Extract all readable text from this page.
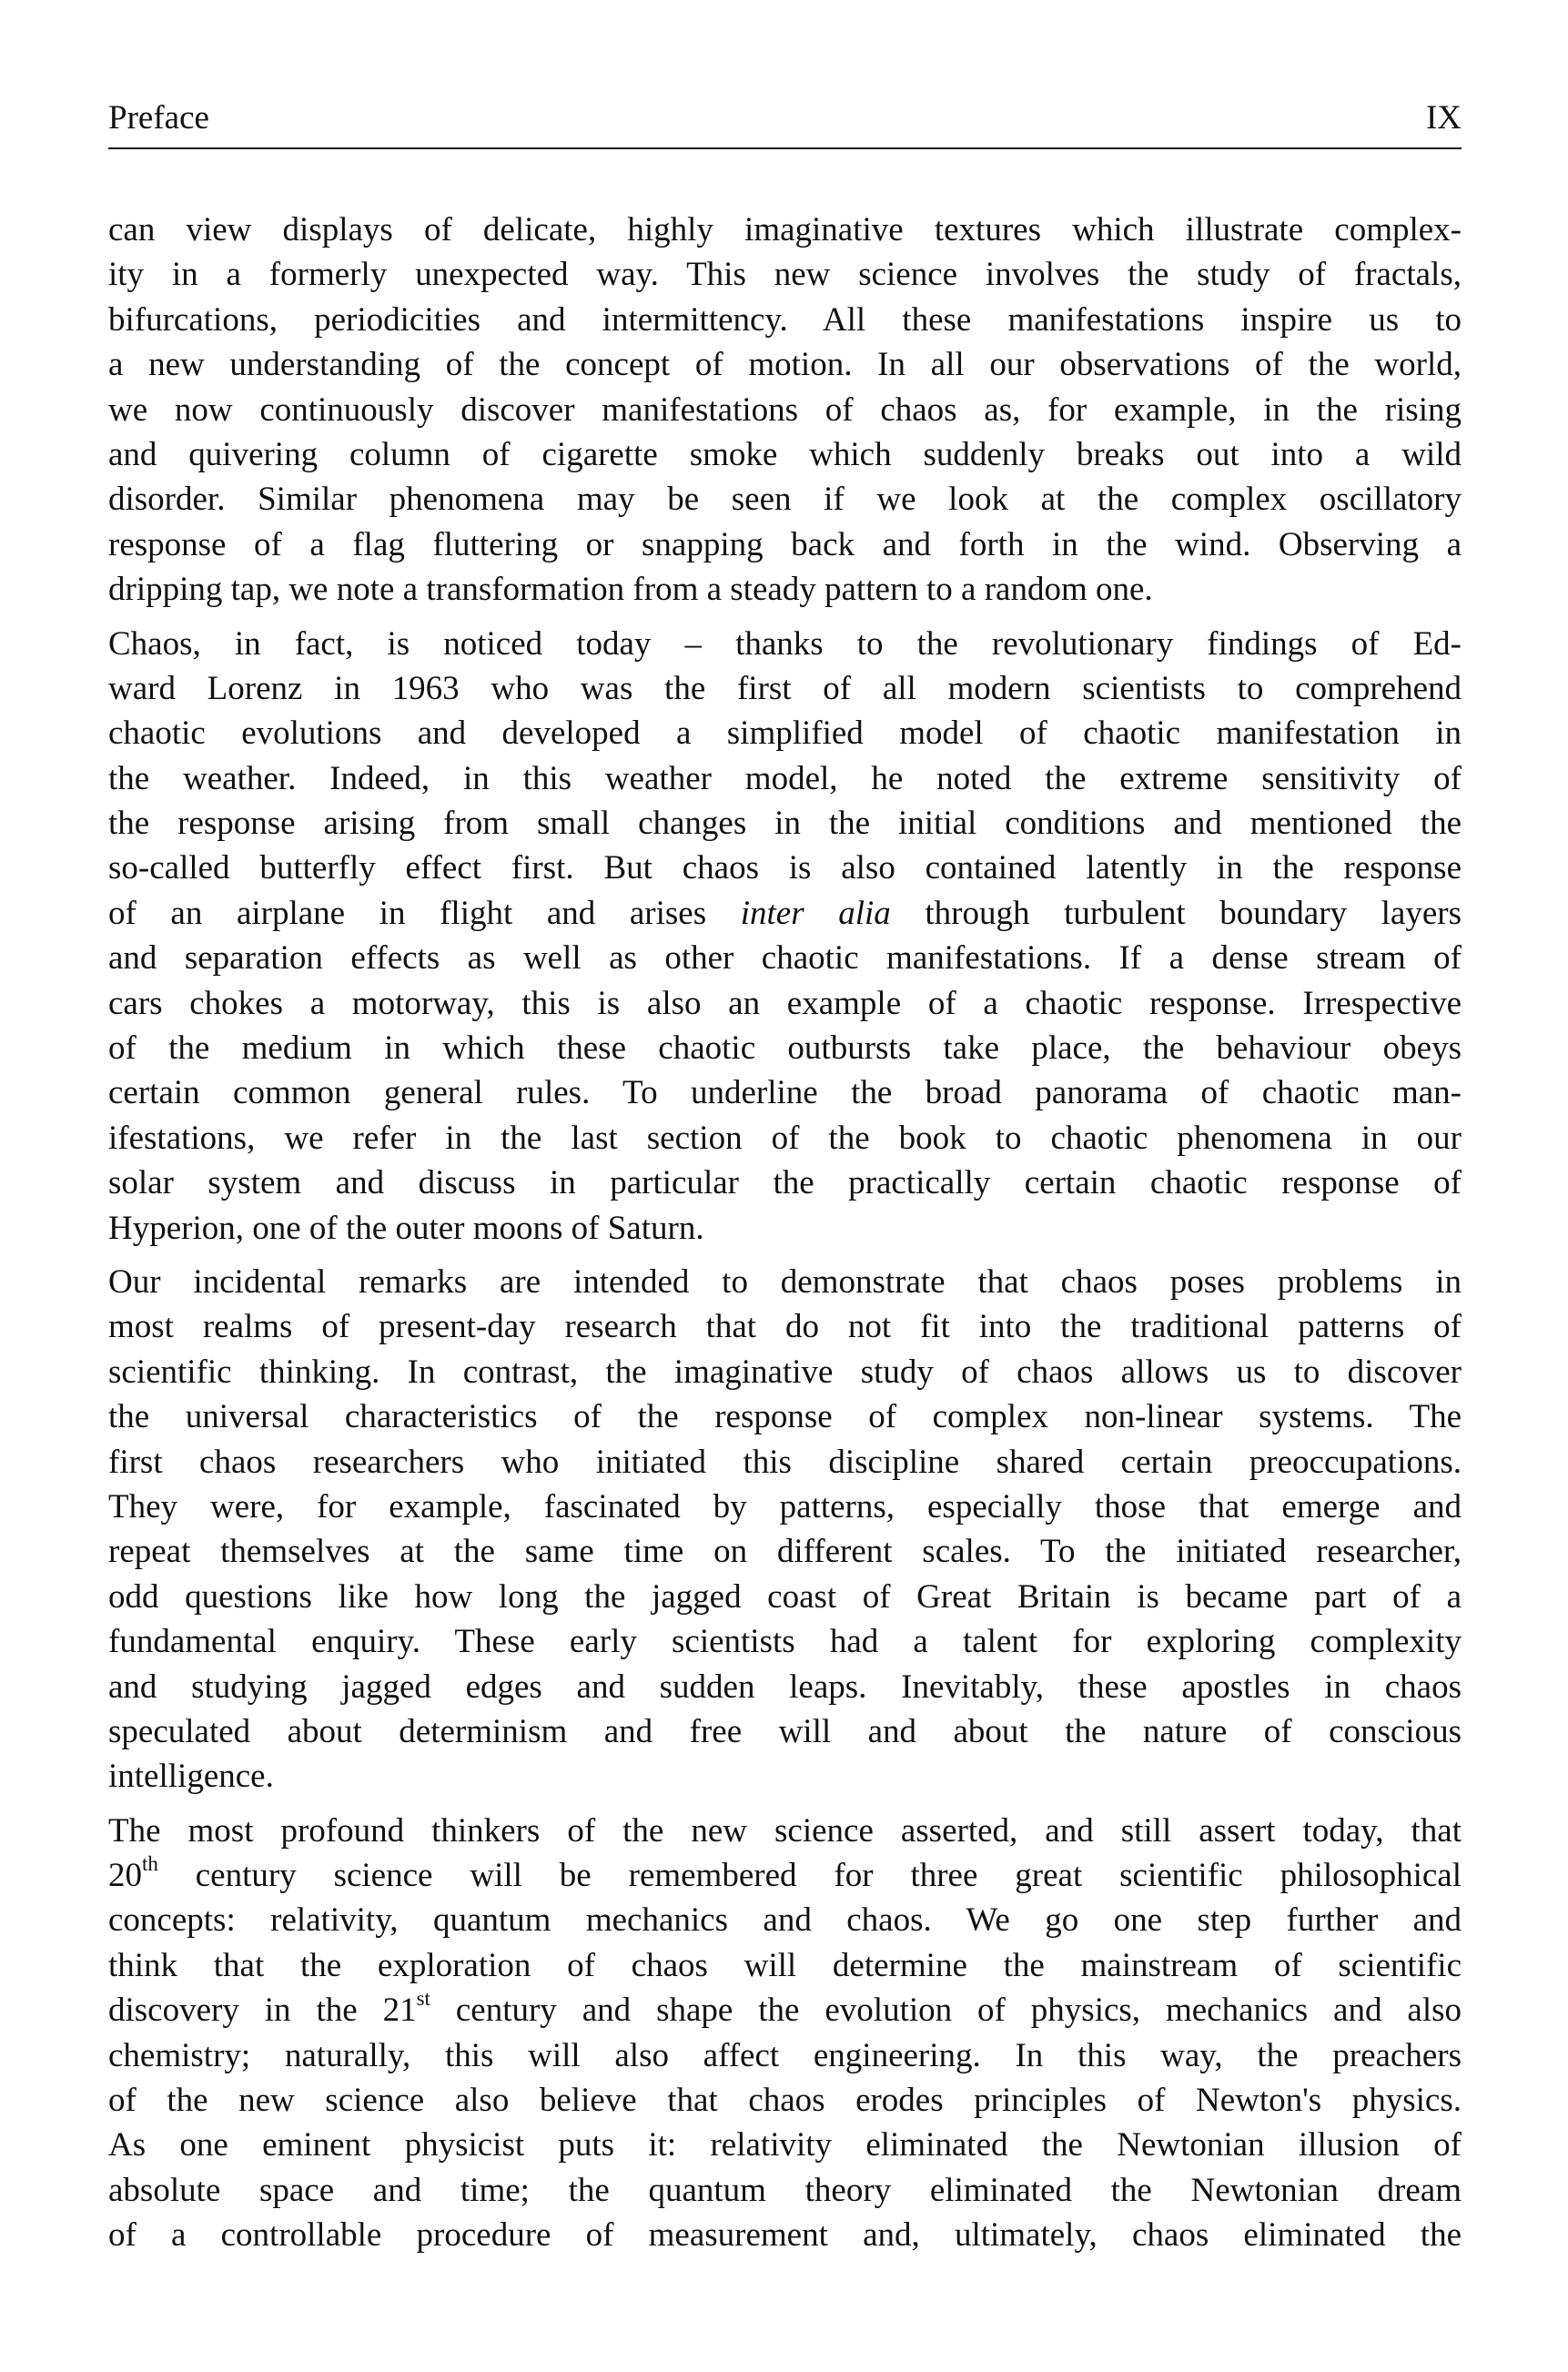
Preface	IX
can view displays of delicate, highly imaginative textures which illustrate complex-
ity in a formerly unexpected way. This new science involves the study of fractals,
bifurcations, periodicities and intermittency. All these manifestations inspire us to
a new understanding of the concept of motion. In all our observations of the world,
we now continuously discover manifestations of chaos as, for example, in the rising
and quivering column of cigarette smoke which suddenly breaks out into a wild
disorder. Similar phenomena may be seen if we look at the complex oscillatory
response of a flag fluttering or snapping back and forth in the wind. Observing a
dripping tap, we note a transformation from a steady pattern to a random one.
Chaos, in fact, is noticed today – thanks to the revolutionary findings of Ed-
ward Lorenz in 1963 who was the first of all modern scientists to comprehend
chaotic evolutions and developed a simplified model of chaotic manifestation in
the weather. Indeed, in this weather model, he noted the extreme sensitivity of
the response arising from small changes in the initial conditions and mentioned the
so-called butterfly effect first. But chaos is also contained latently in the response
of an airplane in flight and arises inter alia through turbulent boundary layers
and separation effects as well as other chaotic manifestations. If a dense stream of
cars chokes a motorway, this is also an example of a chaotic response. Irrespective
of the medium in which these chaotic outbursts take place, the behaviour obeys
certain common general rules. To underline the broad panorama of chaotic man-
ifestations, we refer in the last section of the book to chaotic phenomena in our
solar system and discuss in particular the practically certain chaotic response of
Hyperion, one of the outer moons of Saturn.
Our incidental remarks are intended to demonstrate that chaos poses problems in
most realms of present-day research that do not fit into the traditional patterns of
scientific thinking. In contrast, the imaginative study of chaos allows us to discover
the universal characteristics of the response of complex non-linear systems. The
first chaos researchers who initiated this discipline shared certain preoccupations.
They were, for example, fascinated by patterns, especially those that emerge and
repeat themselves at the same time on different scales. To the initiated researcher,
odd questions like how long the jagged coast of Great Britain is became part of a
fundamental enquiry. These early scientists had a talent for exploring complexity
and studying jagged edges and sudden leaps. Inevitably, these apostles in chaos
speculated about determinism and free will and about the nature of conscious
intelligence.
The most profound thinkers of the new science asserted, and still assert today, that
20th century science will be remembered for three great scientific philosophical
concepts: relativity, quantum mechanics and chaos. We go one step further and
think that the exploration of chaos will determine the mainstream of scientific
discovery in the 21st century and shape the evolution of physics, mechanics and also
chemistry; naturally, this will also affect engineering. In this way, the preachers
of the new science also believe that chaos erodes principles of Newton's physics.
As one eminent physicist puts it: relativity eliminated the Newtonian illusion of
absolute space and time; the quantum theory eliminated the Newtonian dream
of a controllable procedure of measurement and, ultimately, chaos eliminated the
